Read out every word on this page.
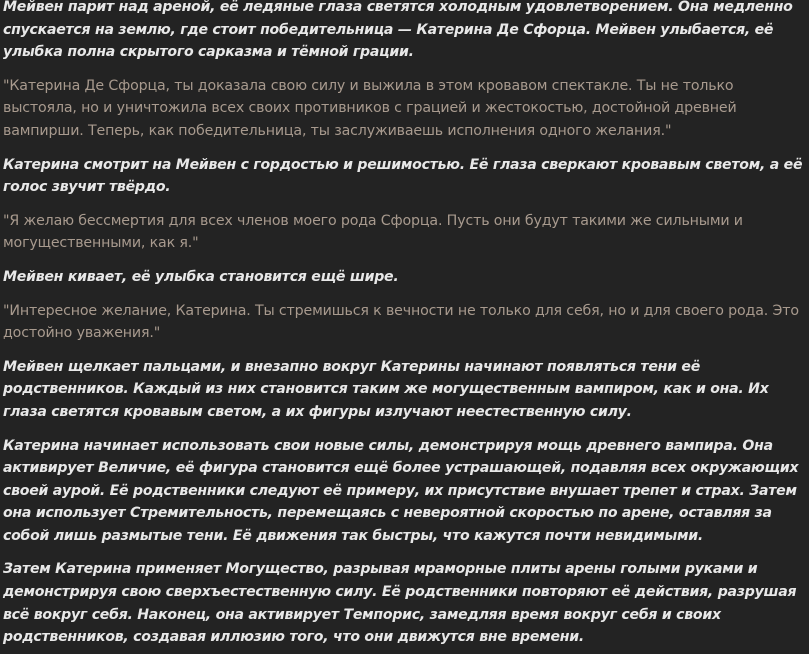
Мейвен парит над ареной, её ледяные глаза светятся холодным удовлетворением. Она медленно спускается на землю, где стоит победительница — Катерина Де Сфорца. Мейвен улыбается, её улыбка полна скрытого сарказма и тёмной грации.

"Катерина Де Сфорца, ты доказала свою силу и выжила в этом кровавом спектакле. Ты не только выстояла, но и уничтожила всех своих противников с грацией и жестокостью, достойной древней вампирши. Теперь, как победительница, ты заслуживаешь исполнения одного желания."

Катерина смотрит на Мейвен с гордостью и решимостью. Её глаза сверкают кровавым светом, а её голос звучит твёрдо.

"Я желаю бессмертия для всех членов моего рода Сфорца. Пусть они будут такими же сильными и могущественными, как я."

Мейвен кивает, её улыбка становится ещё шире.

"Интересное желание, Катерина. Ты стремишься к вечности не только для себя, но и для своего рода. Это достойно уважения."

Мейвен щелкает пальцами, и внезапно вокруг Катерины начинают появляться тени её родственников. Каждый из них становится таким же могущественным вампиром, как и она. Их глаза светятся кровавым светом, а их фигуры излучают неестественную силу.

Катерина начинает использовать свои новые силы, демонстрируя мощь древнего вампира. Она активирует Величие, её фигура становится ещё более устрашающей, подавляя всех окружающих своей аурой. Её родственники следуют её примеру, их присутствие внушает трепет и страх. Затем она использует Стремительность, перемещаясь с невероятной скоростью по арене, оставляя за собой лишь размытые тени. Её движения так быстры, что кажутся почти невидимыми.

Затем Катерина применяет Могущество, разрывая мраморные плиты арены голыми руками и демонстрируя свою сверхъестественную силу. Её родственники повторяют её действия, разрушая всё вокруг себя. Наконец, она активирует Темпорис, замедляя время вокруг себя и своих родственников, создавая иллюзию того, что они движутся вне времени.
